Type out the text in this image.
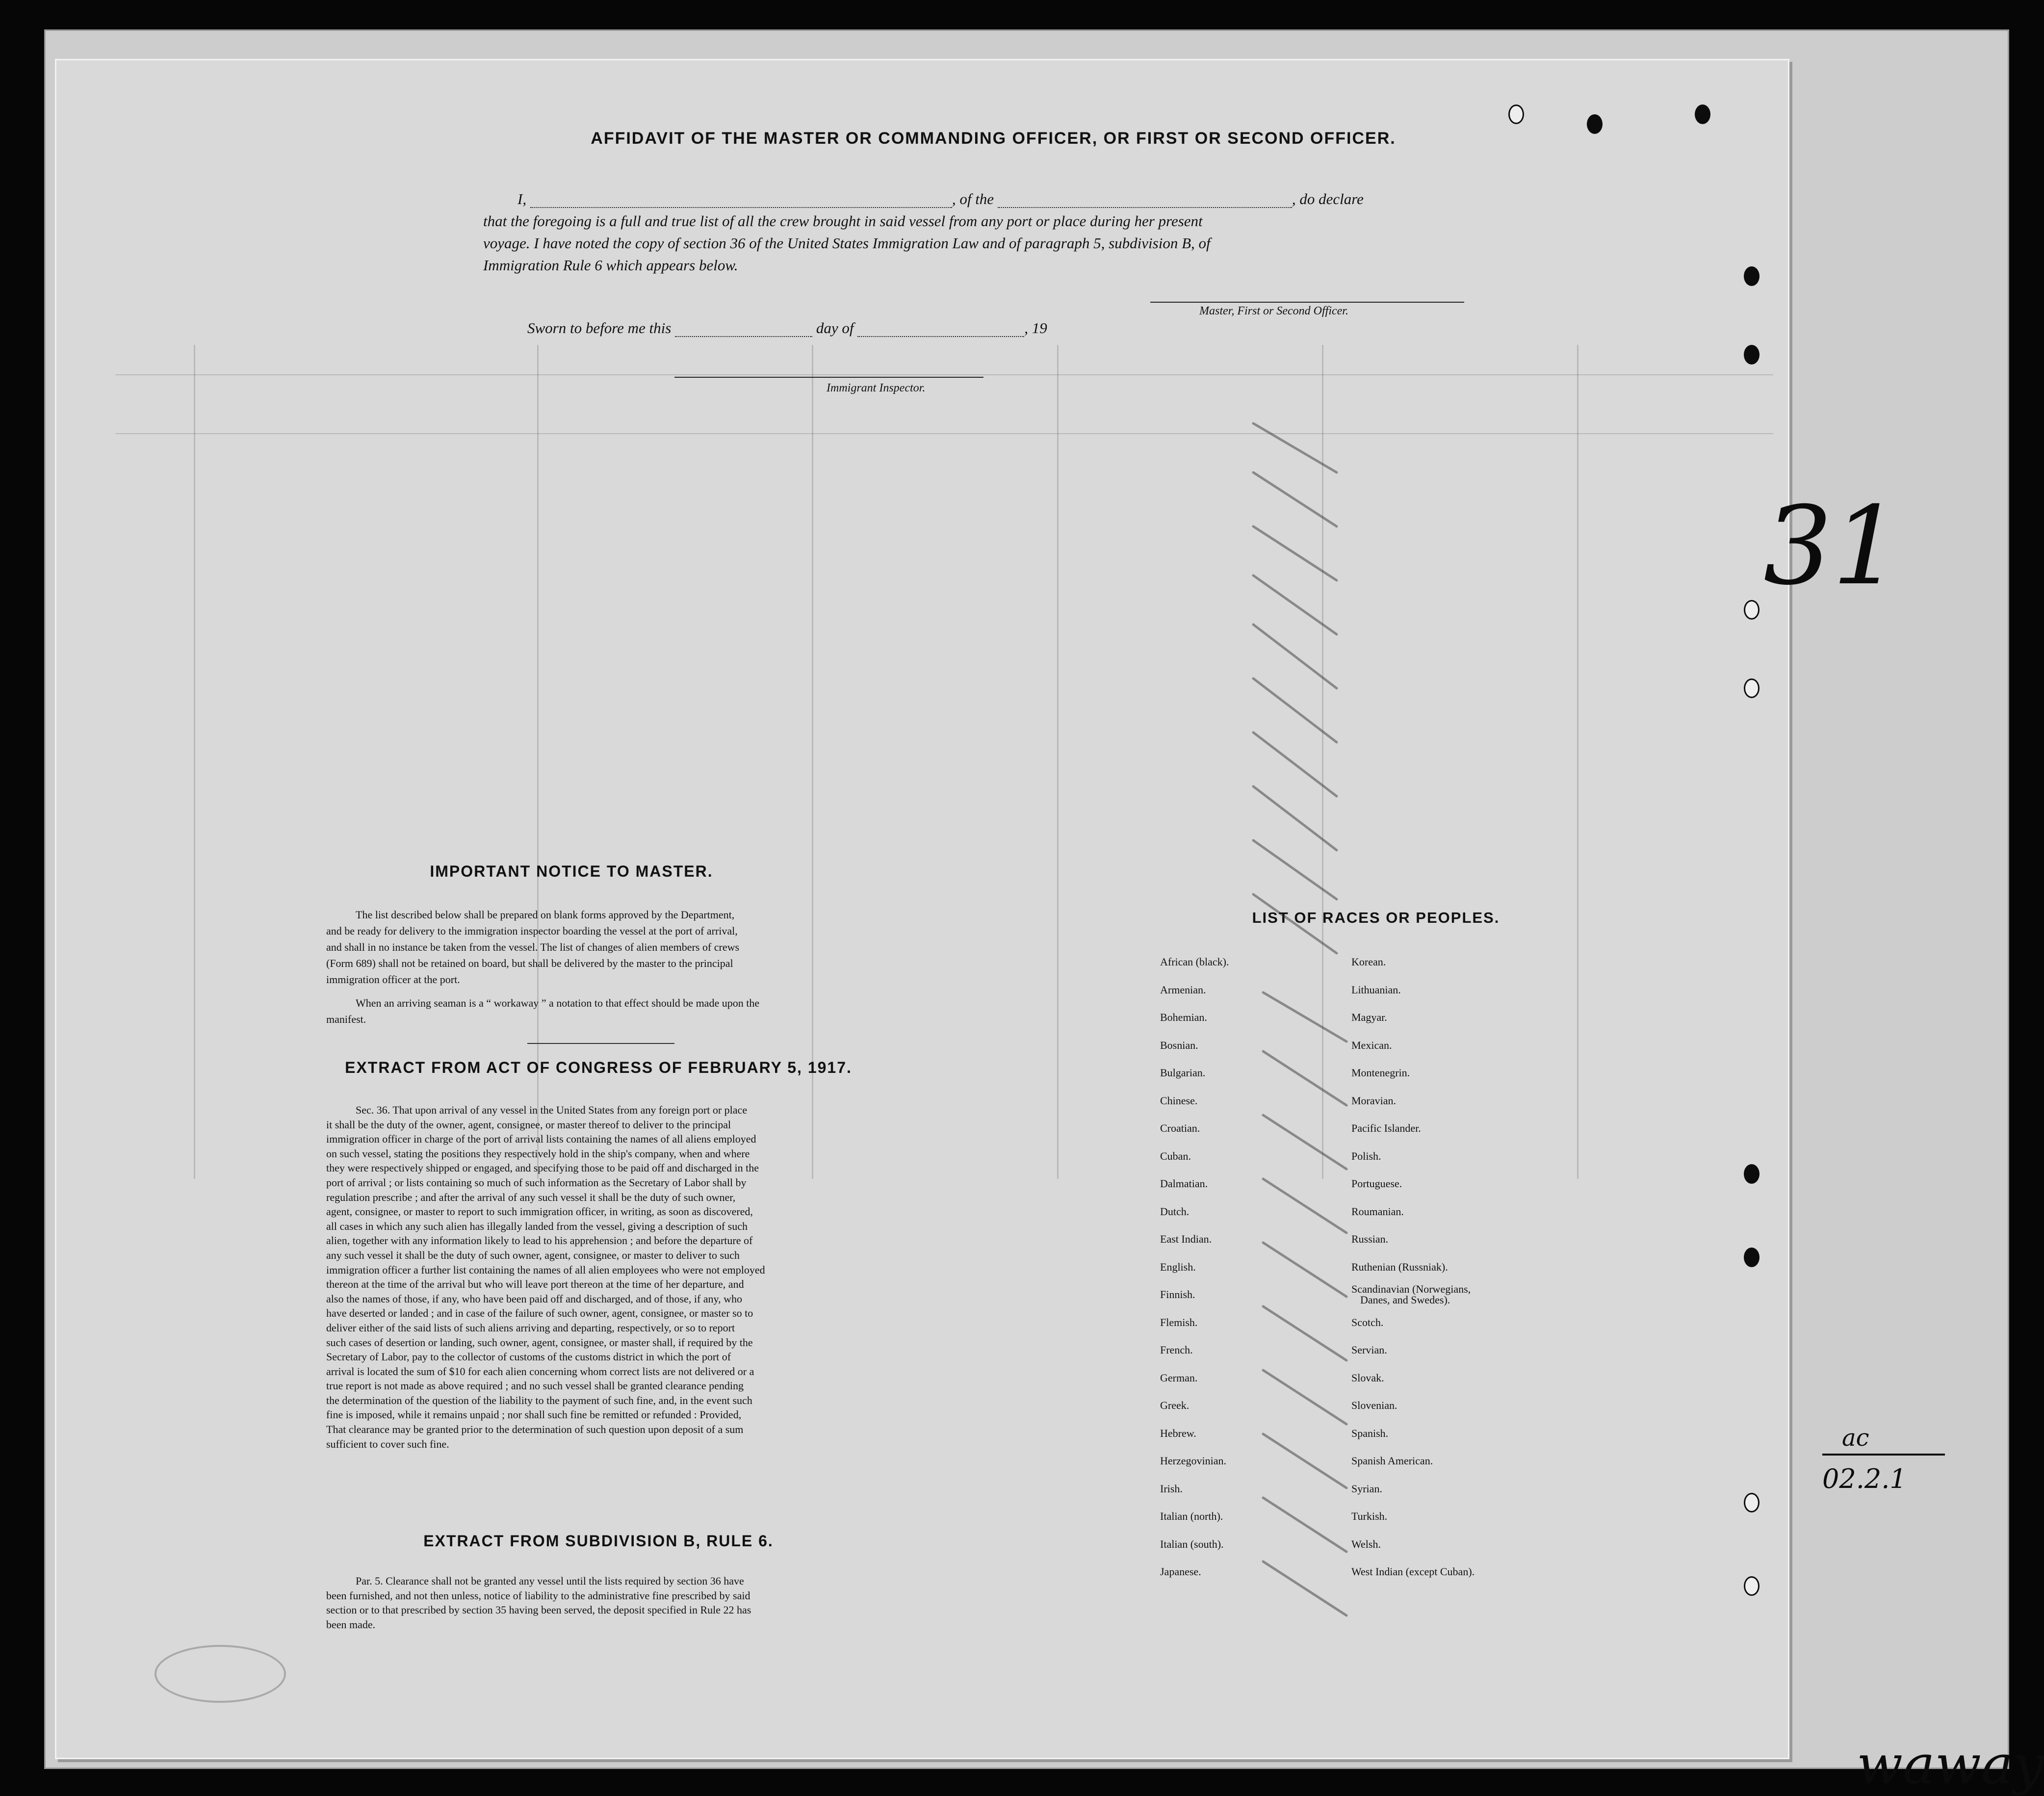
AFFIDAVIT OF THE MASTER OR COMMANDING OFFICER, OR FIRST OR SECOND OFFICER.
I,	, of the	, do declare
that the foregoing is a full and true list of all the crew brought in said vessel from any port or place during her present
voyage. I have noted the copy of section 36 of the United States Immigration Law and of paragraph 5, subdivision B, of
Immigration Rule 6 which appears below.
Master, First or Second Officer.
Sworn to before me this	day of	, 19
Immigrant Inspector.
IMPORTANT NOTICE TO MASTER.
The list described below shall be prepared on blank forms approved by the Department,
and be ready for delivery to the immigration inspector boarding the vessel at the port of arrival,
and shall in no instance be taken from the vessel. The list of changes of alien members of crews
(Form 689) shall not be retained on board, but shall be delivered by the master to the principal
immigration officer at the port.
When an arriving seaman is a “ workaway ” a notation to that effect should be made upon the
manifest.
EXTRACT FROM ACT OF CONGRESS OF FEBRUARY 5, 1917.
Sec. 36. That upon arrival of any vessel in the United States from any foreign port or place
it shall be the duty of the owner, agent, consignee, or master thereof to deliver to the principal
immigration officer in charge of the port of arrival lists containing the names of all aliens employed
on such vessel, stating the positions they respectively hold in the ship's company, when and where
they were respectively shipped or engaged, and specifying those to be paid off and discharged in the
port of arrival ; or lists containing so much of such information as the Secretary of Labor shall by
regulation prescribe ; and after the arrival of any such vessel it shall be the duty of such owner,
agent, consignee, or master to report to such immigration officer, in writing, as soon as discovered,
all cases in which any such alien has illegally landed from the vessel, giving a description of such
alien, together with any information likely to lead to his apprehension ; and before the departure of
any such vessel it shall be the duty of such owner, agent, consignee, or master to deliver to such
immigration officer a further list containing the names of all alien employees who were not employed
thereon at the time of the arrival but who will leave port thereon at the time of her departure, and
also the names of those, if any, who have been paid off and discharged, and of those, if any, who
have deserted or landed ; and in case of the failure of such owner, agent, consignee, or master so to
deliver either of the said lists of such aliens arriving and departing, respectively, or so to report
such cases of desertion or landing, such owner, agent, consignee, or master shall, if required by the
Secretary of Labor, pay to the collector of customs of the customs district in which the port of
arrival is located the sum of $10 for each alien concerning whom correct lists are not delivered or a
true report is not made as above required ; and no such vessel shall be granted clearance pending
the determination of the question of the liability to the payment of such fine, and, in the event such
fine is imposed, while it remains unpaid ; nor shall such fine be remitted or refunded : Provided,
That clearance may be granted prior to the determination of such question upon deposit of a sum
sufficient to cover such fine.
EXTRACT FROM SUBDIVISION B, RULE 6.
Par. 5. Clearance shall not be granted any vessel until the lists required by section 36 have
been furnished, and not then unless, notice of liability to the administrative fine prescribed by said
section or to that prescribed by section 35 having been served, the deposit specified in Rule 22 has
been made.
LIST OF RACES OR PEOPLES.
African (black).
Armenian.
Bohemian.
Bosnian.
Bulgarian.
Chinese.
Croatian.
Cuban.
Dalmatian.
Dutch.
East Indian.
English.
Finnish.
Flemish.
French.
German.
Greek.
Hebrew.
Herzegovinian.
Irish.
Italian (north).
Italian (south).
Japanese.
Korean.
Lithuanian.
Magyar.
Mexican.
Montenegrin.
Moravian.
Pacific Islander.
Polish.
Portuguese.
Roumanian.
Russian.
Ruthenian (Russniak).
Scandinavian (Norwegians,
Danes, and Swedes).
Scotch.
Servian.
Slovak.
Slovenian.
Spanish.
Spanish American.
Syrian.
Turkish.
Welsh.
West Indian (except Cuban).
31
ac
02.2.1
waway
